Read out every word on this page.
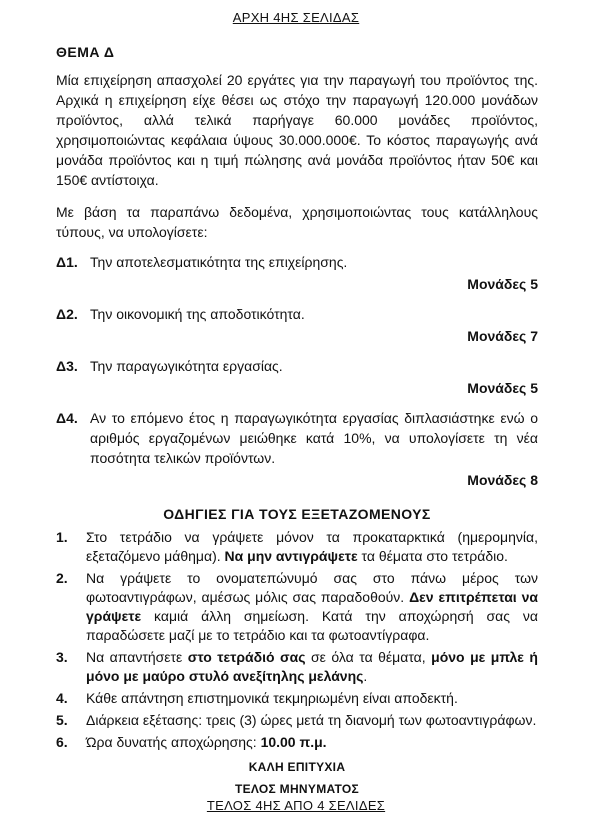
ΑΡΧΗ 4ΗΣ ΣΕΛΙΔΑΣ
ΘΕΜΑ Δ

Μία επιχείρηση απασχολεί 20 εργάτες για την παραγωγή του προϊόντος της. Αρχικά η επιχείρηση είχε θέσει ως στόχο την παραγωγή 120.000 μονάδων προϊόντος, αλλά τελικά παρήγαγε 60.000 μονάδες προϊόντος, χρησιμοποιώντας κεφάλαια ύψους 30.000.000€. Το κόστος παραγωγής ανά μονάδα προϊόντος και η τιμή πώλησης ανά μονάδα προϊόντος ήταν 50€ και 150€ αντίστοιχα.

Με βάση τα παραπάνω δεδομένα, χρησιμοποιώντας τους κατάλληλους τύπους, να υπολογίσετε:

Δ1. Την αποτελεσματικότητα της επιχείρησης.
Μονάδες 5
Δ2. Την οικονομική της αποδοτικότητα.
Μονάδες 7
Δ3. Την παραγωγικότητα εργασίας.
Μονάδες 5
Δ4. Αν το επόμενο έτος η παραγωγικότητα εργασίας διπλασιάστηκε ενώ ο αριθμός εργαζομένων μειώθηκε κατά 10%, να υπολογίσετε τη νέα ποσότητα τελικών προϊόντων.
Μονάδες 8
ΟΔΗΓΙΕΣ ΓΙΑ ΤΟΥΣ ΕΞΕΤΑΖΟΜΕΝΟΥΣ
1.	Στο τετράδιο να γράψετε μόνον τα προκαταρκτικά (ημερομηνία, εξεταζόμενο μάθημα). Να μην αντιγράψετε τα θέματα στο τετράδιο.
2.	Να γράψετε το ονοματεπώνυμό σας στο πάνω μέρος των φωτοαντιγράφων, αμέσως μόλις σας παραδοθούν. Δεν επιτρέπεται να γράψετε καμιά άλλη σημείωση. Κατά την αποχώρησή σας να παραδώσετε μαζί με το τετράδιο και τα φωτοαντίγραφα.
3.	Να απαντήσετε στο τετράδιό σας σε όλα τα θέματα, μόνο με μπλε ή μόνο με μαύρο στυλό ανεξίτηλης μελάνης.
4.	Κάθε απάντηση επιστημονικά τεκμηριωμένη είναι αποδεκτή.
5.	Διάρκεια εξέτασης: τρεις (3) ώρες μετά τη διανομή των φωτοαντιγράφων.
6.	Ώρα δυνατής αποχώρησης: 10.00 π.μ.
ΚΑΛΗ ΕΠΙΤΥΧΙΑ
ΤΕΛΟΣ ΜΗΝΥΜΑΤΟΣ
ΤΕΛΟΣ 4ΗΣ ΑΠΟ 4 ΣΕΛΙΔΕΣ
